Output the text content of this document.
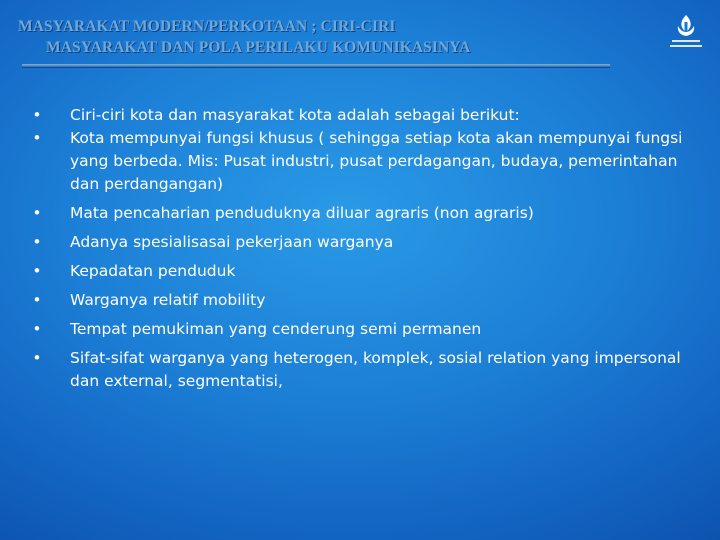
MASYARAKAT MODERN/PERKOTAAN ; CIRI-CIRI
MASYARAKAT DAN POLA PERILAKU KOMUNIKASINYA
• Ciri-ciri kota dan masyarakat kota adalah sebagai berikut:
• Kota mempunyai fungsi khusus ( sehingga setiap kota akan mempunyai fungsi yang berbeda. Mis: Pusat industri, pusat perdagangan, budaya, pemerintahan dan perdangangan)
• Mata pencaharian penduduknya diluar agraris (non agraris)
• Adanya spesialisasai pekerjaan warganya
• Kepadatan penduduk
• Warganya relatif mobility
• Tempat pemukiman yang cenderung semi permanen
• Sifat-sifat warganya yang heterogen, komplek, sosial relation yang impersonal dan external, segmentatisi,
